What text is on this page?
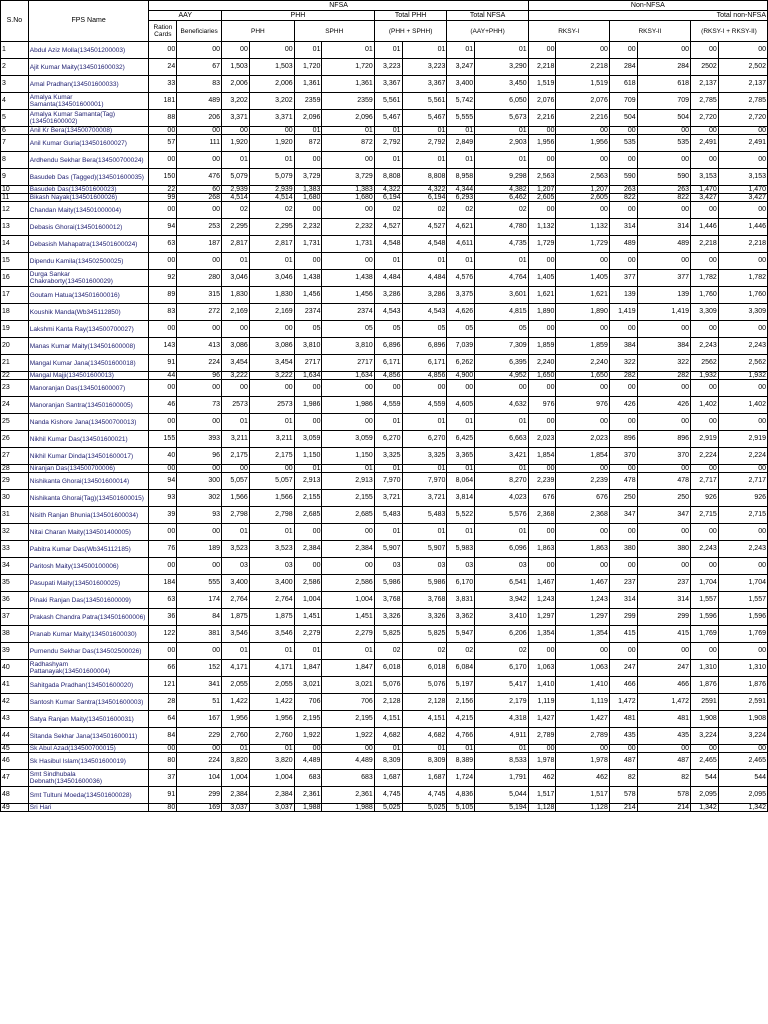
S.No	FPS Name	NFSA										Non-NFSA					
		AAY		PHH				Total PHH		Total NFSA		Total non-NFSA					
		Ration Cards	Beneficiaries	PHH		SPHH		(PHH + SPHH)		(AAY+PHH)		RKSY-I		RKSY-II		(RKSY-I + RKSY-II)	
1	Abdul Aziz Molla(134501200003)	00	00	00	00	01	01	01	01	01	01	00	00	00	00	00	00
2	Ajit Kumar Maity(134501600032)	24	67	1,503	1,503	1,720	1,720	3,223	3,223	3,247	3,290	2,218	2,218	284	284	2502	2,502
3	Amal Pradhan(134501600033)	33	83	2,006	2,006	1,361	1,361	3,367	3,367	3,400	3,450	1,519	1,519	618	618	2,137	2,137
4	Amalya Kumar Samanta(134501600001)	181	489	3,202	3,202	2359	2359	5,561	5,561	5,742	6,050	2,076	2,076	709	709	2,785	2,785
5	Amalya Kumar Samanta(Tag)(134501600002)	88	206	3,371	3,371	2,096	2,096	5,467	5,467	5,555	5,673	2,216	2,216	504	504	2,720	2,720
6	Anil Kr Bera(134500700008)	00	00	00	00	01	01	01	01	01	01	00	00	00	00	00	00
7	Anil Kumar Guria(134501600027)	57	111	1,920	1,920	872	872	2,792	2,792	2,849	2,903	1,956	1,956	535	535	2,491	2,491
8	Ardhendu Sekhar Bera(134500700024)	00	00	01	01	00	00	01	01	01	01	00	00	00	00	00	00
9	Basudeb Das (Tagged)(134501600035)	150	476	5,079	5,079	3,729	3,729	8,808	8,808	8,958	9,298	2,563	2,563	590	590	3,153	3,153
10	Basudeb Das(134501600023)	22	60	2,939	2,939	1,383	1,383	4,322	4,322	4,344	4,382	1,207	1,207	263	263	1,470	1,470
11	Bikash Nayak(134501600026)	99	268	4,514	4,514	1,680	1,680	6,194	6,194	6,293	6,462	2,605	2,605	822	822	3,427	3,427
12	Chandan Maity(134501000004)	00	00	02	02	00	00	02	02	02	02	00	00	00	00	00	00
13	Debasis Ghorai(134501600012)	94	253	2,295	2,295	2,232	2,232	4,527	4,527	4,621	4,780	1,132	1,132	314	314	1,446	1,446
14	Debasish Mahapatra(134501600024)	63	187	2,817	2,817	1,731	1,731	4,548	4,548	4,611	4,735	1,729	1,729	489	489	2,218	2,218
15	Dipendu Kamila(134502500025)	00	00	01	01	00	00	01	01	01	01	00	00	00	00	00	00
16	Durga Sankar Chakraborty(134501600029)	92	280	3,046	3,046	1,438	1,438	4,484	4,484	4,576	4,764	1,405	1,405	377	377	1,782	1,782
17	Goutam Hatua(134501600016)	89	315	1,830	1,830	1,456	1,456	3,286	3,286	3,375	3,601	1,621	1,621	139	139	1,760	1,760
18	Koushik Manda(Wb345112850)	83	272	2,169	2,169	2374	2374	4,543	4,543	4,626	4,815	1,890	1,890	1,419	1,419	3,309	3,309
19	Lakshmi Kanta Ray(134500700027)	00	00	00	00	05	05	05	05	05	05	00	00	00	00	00	00
20	Manas Kumar Maity(134501600008)	143	413	3,086	3,086	3,810	3,810	6,896	6,896	7,039	7,309	1,859	1,859	384	384	2,243	2,243
21	Mangal Kumar Jana(134501600018)	91	224	3,454	3,454	2717	2717	6,171	6,171	6,262	6,395	2,240	2,240	322	322	2562	2,562
22	Mangal Majji(134501600013)	44	96	3,222	3,222	1,634	1,634	4,856	4,856	4,900	4,952	1,650	1,650	282	282	1,932	1,932
23	Manoranjan Das(134501600007)	00	00	00	00	00	00	00	00	00	00	00	00	00	00	00	00
24	Manoranjan Santra(134501600005)	46	73	2573	2573	1,986	1,986	4,559	4,559	4,605	4,632	976	976	426	426	1,402	1,402
25	Nanda Kishore Jana(134500700013)	00	00	01	01	00	00	01	01	01	01	00	00	00	00	00	00
26	Nikhil Kumar Das(134501600021)	155	393	3,211	3,211	3,059	3,059	6,270	6,270	6,425	6,663	2,023	2,023	896	896	2,919	2,919
27	Nikhil Kumar Dinda(134501600017)	40	96	2,175	2,175	1,150	1,150	3,325	3,325	3,365	3,421	1,854	1,854	370	370	2,224	2,224
28	Niranjan Das(134500700006)	00	00	00	00	01	01	01	01	01	01	00	00	00	00	00	00
29	Nishikanta Ghorai(134501600014)	94	300	5,057	5,057	2,913	2,913	7,970	7,970	8,064	8,270	2,239	2,239	478	478	2,717	2,717
30	Nishikanta Ghorai(Tag)(134501600015)	93	302	1,566	1,566	2,155	2,155	3,721	3,721	3,814	4,023	676	676	250	250	926	926
31	Nisith Ranjan Bhunia(134501600034)	39	93	2,798	2,798	2,685	2,685	5,483	5,483	5,522	5,576	2,368	2,368	347	347	2,715	2,715
32	Nitai Charan Maity(134501400005)	00	00	01	01	00	00	01	01	01	01	00	00	00	00	00	00
33	Pabitra Kumar Das(Wb345112185)	76	189	3,523	3,523	2,384	2,384	5,907	5,907	5,983	6,096	1,863	1,863	380	380	2,243	2,243
34	Paritosh Maity(134500100006)	00	00	03	03	00	00	03	03	03	03	00	00	00	00	00	00
35	Pasupati Maity(134501600025)	184	555	3,400	3,400	2,586	2,586	5,986	5,986	6,170	6,541	1,467	1,467	237	237	1,704	1,704
36	Pinaki Ranjan Das(134501600009)	63	174	2,764	2,764	1,004	1,004	3,768	3,768	3,831	3,942	1,243	1,243	314	314	1,557	1,557
37	Prakash Chandra Patra(134501600006)	36	84	1,875	1,875	1,451	1,451	3,326	3,326	3,362	3,410	1,297	1,297	299	299	1,596	1,596
38	Pranab Kumar Maity(134501600030)	122	381	3,546	3,546	2,279	2,279	5,825	5,825	5,947	6,206	1,354	1,354	415	415	1,769	1,769
39	Purnendu Sekhar Das(134502500026)	00	00	01	01	01	01	02	02	02	02	00	00	00	00	00	00
40	Radhashyam Pattanayak(134501600004)	66	152	4,171	4,171	1,847	1,847	6,018	6,018	6,084	6,170	1,063	1,063	247	247	1,310	1,310
41	Sahitgada Pradhan(134501600020)	121	341	2,055	2,055	3,021	3,021	5,076	5,076	5,197	5,417	1,410	1,410	466	466	1,876	1,876
42	Santosh Kumar Santra(134501600003)	28	51	1,422	1,422	706	706	2,128	2,128	2,156	2,179	1,119	1,119	1,472	1,472	2591	2,591
43	Satya Ranjan Maity(134501600031)	64	167	1,956	1,956	2,195	2,195	4,151	4,151	4,215	4,318	1,427	1,427	481	481	1,908	1,908
44	Sitanda Sekhar Jana(134501600011)	84	229	2,760	2,760	1,922	1,922	4,682	4,682	4,766	4,911	2,789	2,789	435	435	3,224	3,224
45	Sk Abul Azad(134500700015)	00	00	01	01	00	00	01	01	01	01	00	00	00	00	00	00
46	Sk Hasibul Islam(134501600019)	80	224	3,820	3,820	4,489	4,489	8,309	8,309	8,389	8,533	1,978	1,978	487	487	2,465	2,465
47	Smt Sindhubala Debnath(134501600036)	37	104	1,004	1,004	683	683	1,687	1,687	1,724	1,791	462	462	82	82	544	544
48	Smt Tultuni Moeda(134501600028)	91	299	2,384	2,384	2,361	2,361	4,745	4,745	4,836	5,044	1,517	1,517	578	578	2,095	2,095
49	Sri Hari	80	169	3,037	3,037	1,988	1,988	5,025	5,025	5,105	5,194	1,128	1,128	214	214	1,342	1,342
